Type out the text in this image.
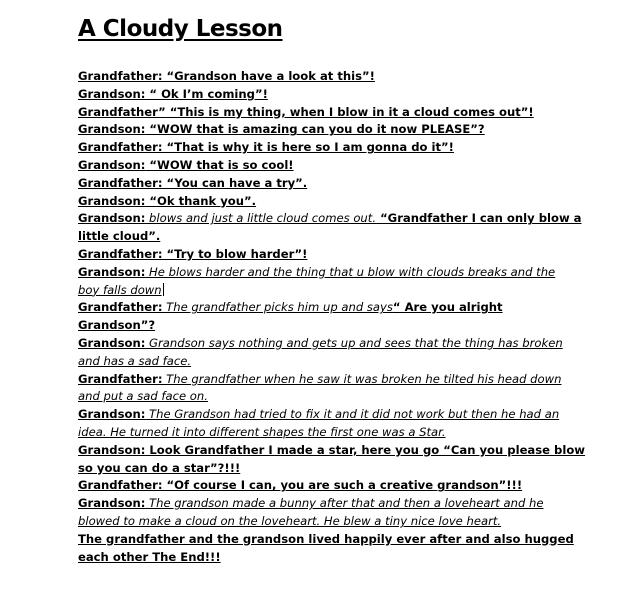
A Cloudy Lesson
Grandfather: “Grandson have a look at this”!
Grandson: “ Ok I’m coming”!
Grandfather” “This is my thing, when I blow in it a cloud comes out”!
Grandson: “WOW that is amazing can you do it now PLEASE”?
Grandfather: “That is why it is here so I am gonna do it”!
Grandson: “WOW that is so cool!
Grandfather: “You can have a try”.
Grandson: “Ok thank you”.
Grandson: blows and just a little cloud comes out. “Grandfather I can only blow a
little cloud”.
Grandfather: “Try to blow harder”!
Grandson: He blows harder and the thing that u blow with clouds breaks and the
boy falls down
Grandfather: The grandfather picks him up and says“ Are you alright
Grandson”?
Grandson: Grandson says nothing and gets up and sees that the thing has broken
and has a sad face.
Grandfather: The grandfather when he saw it was broken he tilted his head down
and put a sad face on.
Grandson: The Grandson had tried to fix it and it did not work but then he had an
idea. He turned it into different shapes the first one was a Star.
Grandson: Look Grandfather I made a star, here you go “Can you please blow
so you can do a star”?!!!
Grandfather: “Of course I can, you are such a creative grandson”!!!
Grandson: The grandson made a bunny after that and then a loveheart and he
blowed to make a cloud on the loveheart. He blew a tiny nice love heart.
The grandfather and the grandson lived happily ever after and also hugged
each other The End!!!
